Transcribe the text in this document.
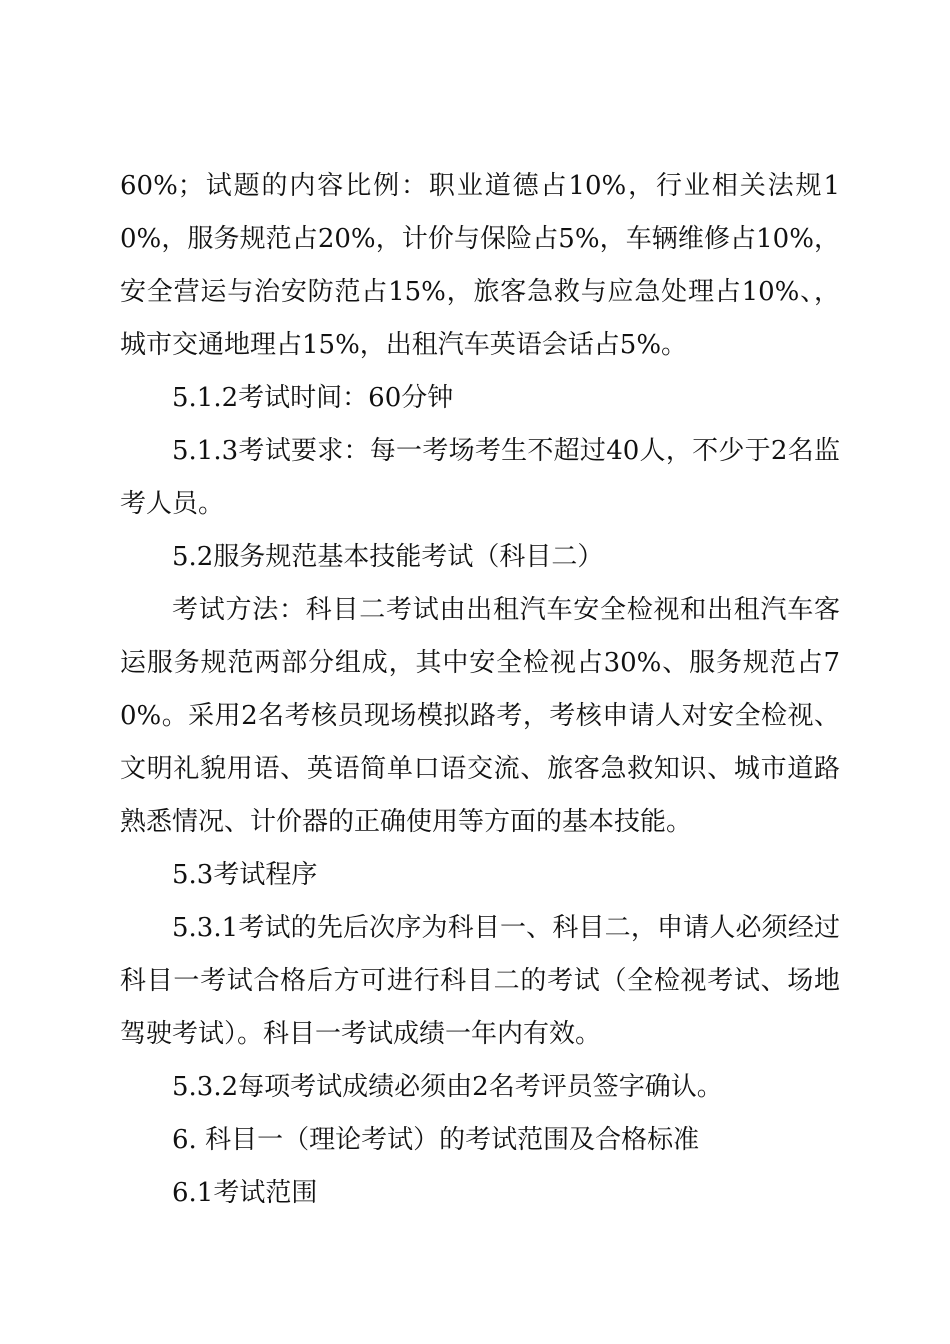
60%；试题的内容比例：职业道德占10%，行业相关法规10%，服务规范占20%，计价与保险占5%，车辆维修占10%，安全营运与治安防范占15%，旅客急救与应急处理占10%、，城市交通地理占15%，出租汽车英语会话占5%。

5.1.2考试时间：60分钟

5.1.3考试要求：每一考场考生不超过40人，不少于2名监考人员。

5.2服务规范基本技能考试（科目二）

考试方法：科目二考试由出租汽车安全检视和出租汽车客运服务规范两部分组成，其中安全检视占30%、服务规范占70%。采用2名考核员现场模拟路考，考核申请人对安全检视、文明礼貌用语、英语简单口语交流、旅客急救知识、城市道路熟悉情况、计价器的正确使用等方面的基本技能。

5.3考试程序

5.3.1考试的先后次序为科目一、科目二，申请人必须经过科目一考试合格后方可进行科目二的考试（全检视考试、场地驾驶考试）。科目一考试成绩一年内有效。

5.3.2每项考试成绩必须由2名考评员签字确认。

6. 科目一（理论考试）的考试范围及合格标准

6.1考试范围
